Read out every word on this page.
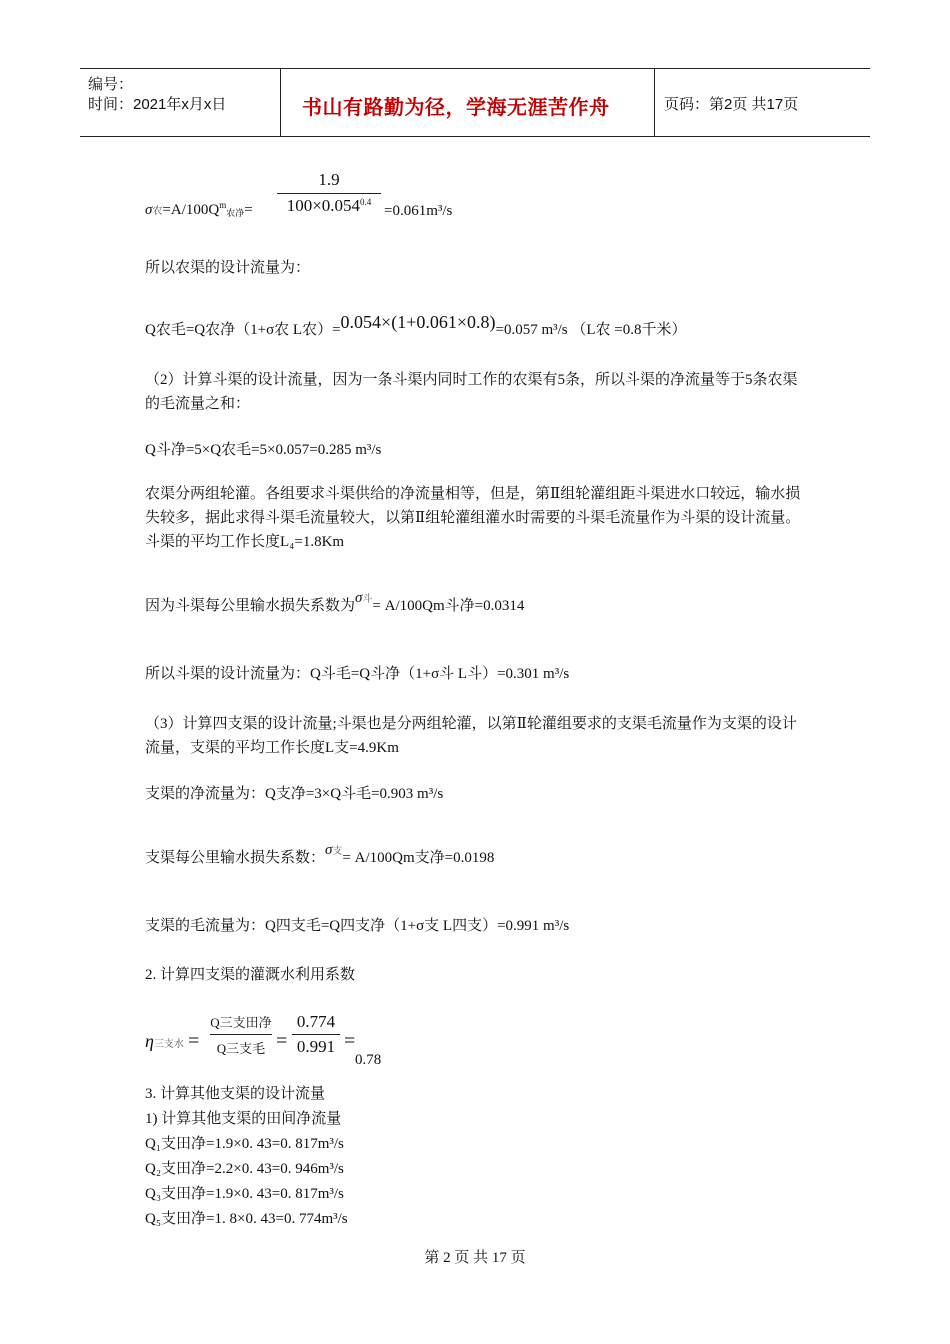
编号：
时间：2021年x月x日	书山有路勤为径，学海无涯苦作舟	页码：第2页 共17页
σ农$=A/100Q^m_{农净}= \frac{1.9}{100\times 0.054^{0.4}} =0.061m^3/s$
所以农渠的设计流量为：
Q农毛=Q农净（1+σ农 L农）=0.054×(1+0.061×0.8)=0.057 m³/s （L农 =0.8千米）
（2）计算斗渠的设计流量，因为一条斗渠内同时工作的农渠有5条，所以斗渠的净流量等于5条农渠的毛流量之和：
Q斗净=5×Q农毛=5×0.057=0.285 m³/s
农渠分两组轮灌。各组要求斗渠供给的净流量相等，但是，第Ⅱ组轮灌组距斗渠进水口较远，输水损失较多，据此求得斗渠毛流量较大，以第Ⅱ组轮灌组灌水时需要的斗渠毛流量作为斗渠的设计流量。斗渠的平均工作长度L₄=1.8Km
因为斗渠每公里输水损失系数为σ斗= A/100Qm斗净=0.0314
所以斗渠的设计流量为：Q斗毛=Q斗净（1+σ斗 L斗）=0.301 m³/s
（3）计算四支渠的设计流量;斗渠也是分两组轮灌，以第Ⅱ轮灌组要求的支渠毛流量作为支渠的设计流量，支渠的平均工作长度L支=4.9Km
支渠的净流量为：Q支净=3×Q斗毛=0.903 m³/s
支渠每公里输水损失系数：σ支= A/100Qm支净=0.0198
支渠的毛流量为：Q四支毛=Q四支净（1+σ支 L四支）=0.991 m³/s
2. 计算四支渠的灌溉水利用系数
η三支水 =
Q三支田净
Q三支毛 = $\frac{0.774}{0.991}$ =
0.78
3. 计算其他支渠的设计流量
1) 计算其他支渠的田间净流量
Q₁支田净=1.9×0. 43=0. 817m³/s
Q₂支田净=2.2×0. 43=0. 946m³/s
Q₃支田净=1.9×0. 43=0. 817m³/s
Q₅支田净=1. 8×0. 43=0. 774m³/s
第 2 页 共 17 页
